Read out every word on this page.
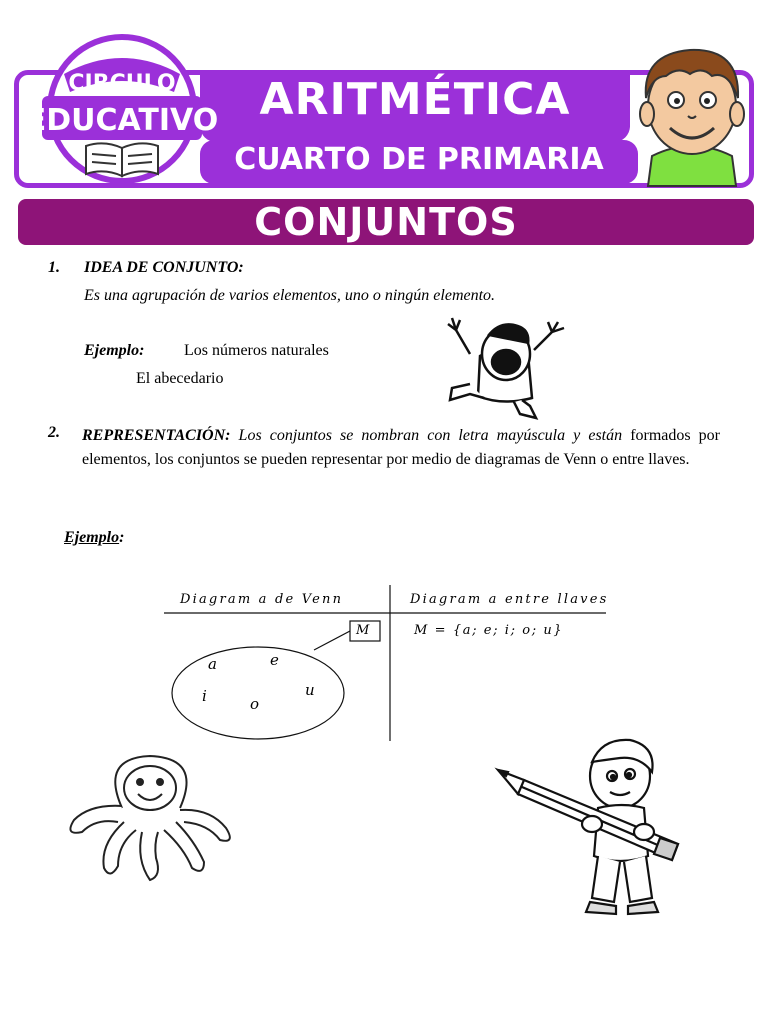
ARITMÉTICA
CUARTO DE PRIMARIA
CIRCULO
EDUCATIVO
CONJUNTOS
1. IDEA DE CONJUNTO:
Es una agrupación de varios elementos, uno o ningún elemento.
Ejemplo: Los números naturales
El abecedario
2. REPRESENTACIÓN: Los conjuntos se nombran con letra mayúscula y están formados por elementos, los conjuntos se pueden representar por medio de diagramas de Venn o entre llaves.
Ejemplo:
Diagram a de Venn	Diagram a entre llaves
M	M = {a; e; i; o; u}
a	e
i	o
u
